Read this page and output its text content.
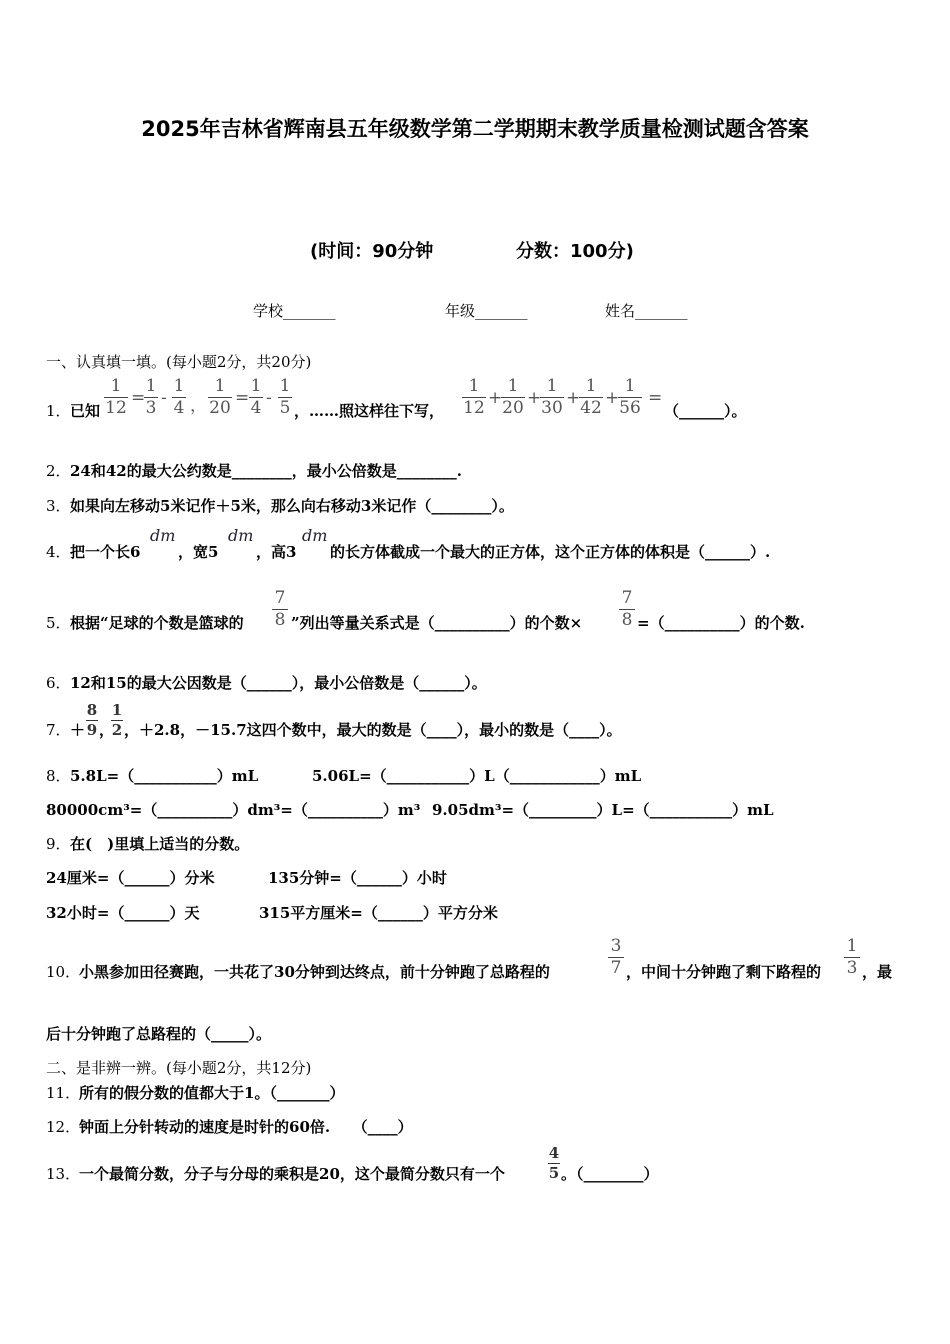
2025年吉林省辉南县五年级数学第二学期期末教学质量检测试题含答案
(时间：90分钟	分数：100分)
学校_______	年级_______	姓名_______
一、认真填一填。(每小题2分，共20分)
1． 已知
1
12 =
1
3 -
1
4 ，
1
20 =
1
4 -
1
5 ，……照这样往下写，
1
12 +
1
20 +
1
30 +
1
42 +
1
56 =
（______）。
2． 24和42的最大公约数是________，最小公倍数是________.
3． 如果向左移动5米记作＋5米，那么向右移动3米记作（________）。
4． 把一个长6
dm
，宽5
dm
，高3
dm
的长方体截成一个最大的正方体，这个正方体的体积是（______）.
5． 根据“足球的个数是篮球的
7
8 ”列出等量关系式是（__________）的个数×
7
8 =（__________）的个数.
6． 12和15的最大公因数是（______），最小公倍数是（______）。
7． ＋
8
9 ，
1
2 ，＋2.8，－15.7这四个数中，最大的数是（____），最小的数是（____）。
8． 5.8L=（___________）mL	5.06L=（___________）L（____________）mL
80000cm³=（__________）dm³=（__________）m³ 9.05dm³=（_________）L=（___________）mL
9． 在(　)里填上适当的分数。
24厘米=（______）分米	135分钟=（______）小时
32小时=（______）天	315平方厘米=（______）平方分米
10．
小黑参加田径赛跑，一共花了30分钟到达终点，前十分钟跑了总路程的
3
7 ，中间十分钟跑了剩下路程的
1
3 ，最
后十分钟跑了总路程的（_____）。
二、是非辨一辨。(每小题2分，共12分)
11．
所有的假分数的值都大于1。（_______）
12．
钟面上分针转动的速度是时针的60倍.　　（____）
13．
一个最简分数，分子与分母的乘积是20，这个最简分数只有一个
4
5 。（________）
